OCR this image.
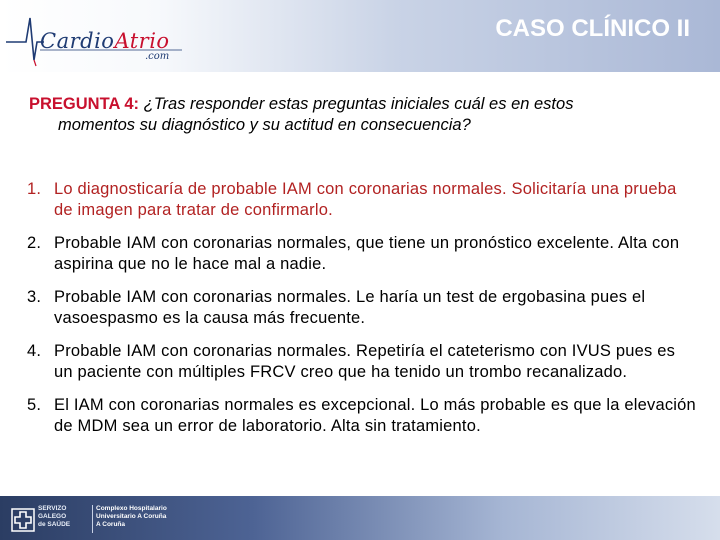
CardioAtrio
.com
CASO CLÍNICO II
PREGUNTA 4: ¿Tras responder estas preguntas iniciales cuál es en estos
momentos su diagnóstico y su actitud en consecuencia?
1. Lo diagnosticaría de probable IAM con coronarias normales. Solicitaría una prueba de imagen para tratar de confirmarlo.
2. Probable IAM con coronarias normales, que tiene un pronóstico excelente. Alta con aspirina que no le hace mal a nadie.
3. Probable IAM con coronarias normales. Le haría un test de ergobasina pues el vasoespasmo es la causa más frecuente.
4. Probable IAM con coronarias normales. Repetiría el cateterismo con IVUS pues es un paciente con múltiples FRCV creo que ha tenido un trombo recanalizado.
5. El IAM con coronarias normales es excepcional. Lo más probable es que la elevación de MDM sea un error de laboratorio. Alta sin tratamiento.
SERVIZO
GALEGO
de SAÚDE
Complexo Hospitalario
Universitario A Coruña
A Coruña
